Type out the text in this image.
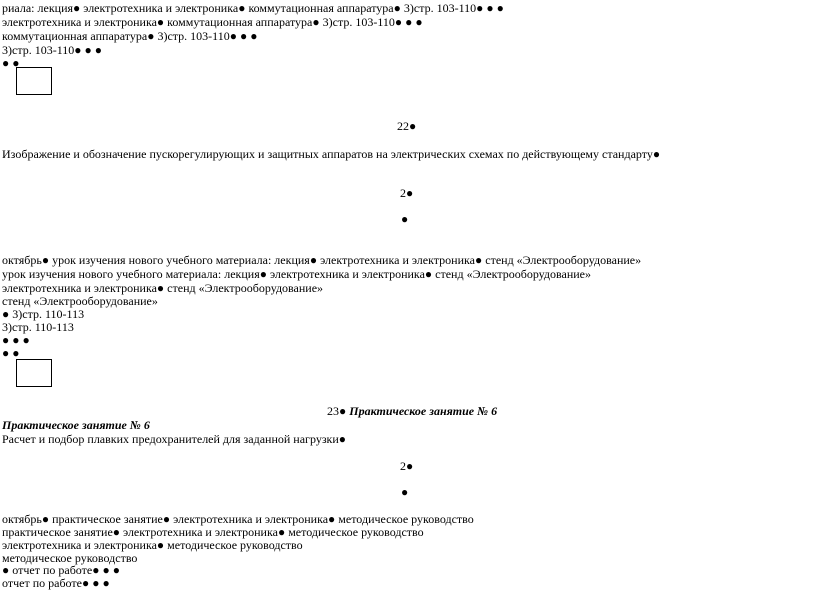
риала: лекция● электротехника и электроника● коммутационная аппаратура● 3)стр. 103-110● ● ●
электротехника и электроника● коммутационная аппаратура● 3)стр. 103-110● ● ●
коммутационная аппаратура● 3)стр. 103-110● ● ●
3)стр. 103-110● ● ●
● ●
22●
Изображение и обозначение пускорегулирующих и защитных аппаратов на электрических схемах по действующему стандарту●
2●
●
октябрь● урок изучения нового учебного материала: лекция● электротехника и электроника● стенд «Электрооборудование»
урок изучения нового учебного материала: лекция● электротехника и электроника● стенд «Электрооборудование»
электротехника и электроника● стенд «Электрооборудование»
стенд «Электрооборудование»
● 3)стр. 110-113
3)стр. 110-113
● ● ●
● ●
23● Практическое занятие № 6
Практическое занятие № 6
Расчет и подбор плавких предохранителей для заданной нагрузки●
2●
●
октябрь● практическое занятие● электротехника и электроника● методическое руководство
практическое занятие● электротехника и электроника● методическое руководство
электротехника и электроника● методическое руководство
методическое руководство
● отчет по работе● ● ●
отчет по работе● ● ●
